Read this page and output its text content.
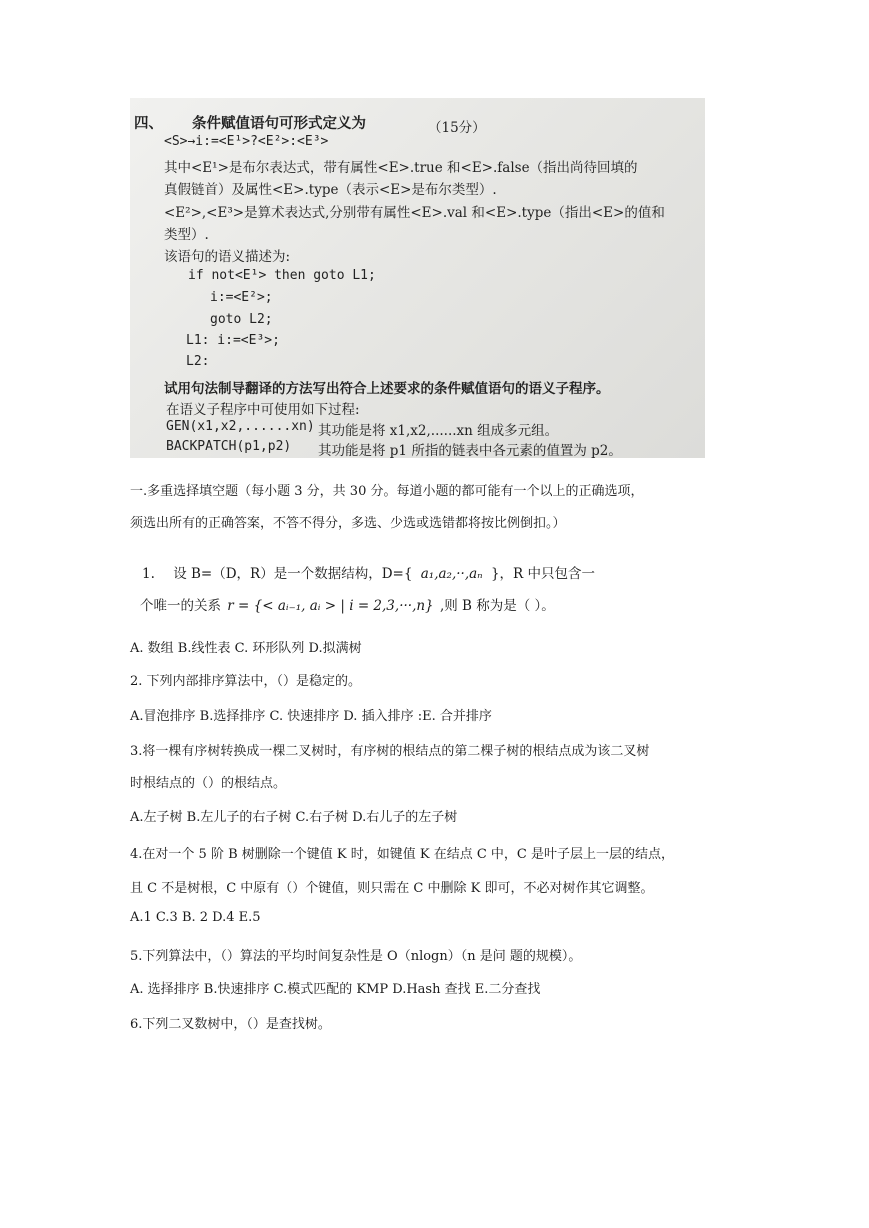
四、 条件赋值语句可形式定义为	（15分）
<S>→i:=<E¹>?<E²>:<E³>
其中<E¹>是布尔表达式，带有属性<E>.true 和<E>.false（指出尚待回填的
真假链首）及属性<E>.type（表示<E>是布尔类型）.
<E²>,<E³>是算术表达式,分别带有属性<E>.val 和<E>.type（指出<E>的值和
类型）.
该语句的语义描述为:
if not<E¹> then goto L1;
i:=<E²>;
goto L2;
L1: i:=<E³>;
L2:
试用句法制导翻译的方法写出符合上述要求的条件赋值语句的语义子程序。
在语义子程序中可使用如下过程:
GEN(x1,x2,......xn) 其功能是将 x1,x2,......xn 组成多元组。
BACKPATCH(p1,p2) 其功能是将 p1 所指的链表中各元素的值置为 p2。
一.多重选择填空题（每小题 3 分，共 30 分。每道小题的都可能有一个以上的正确选项，
须选出所有的正确答案，不答不得分，多选、少选或选错都将按比例倒扣。）
1. 设 B=（D，R）是一个数据结构，D={ a₁,a₂,··,aₙ }，R 中只包含一
个唯一的关系 r = {< aᵢ₋₁, aᵢ > | i = 2,3,···,n} ,则 B 称为是（ ）。
A. 数组 B.线性表 C. 环形队列 D.拟满树
2. 下列内部排序算法中，（）是稳定的。
A.冒泡排序 B.选择排序 C. 快速排序 D. 插入排序 :E. 合并排序
3.将一棵有序树转换成一棵二叉树时，有序树的根结点的第二棵子树的根结点成为该二叉树
时根结点的（）的根结点。
A.左子树 B.左儿子的右子树 C.右子树 D.右儿子的左子树
4.在对一个 5 阶 B 树删除一个键值 K 时，如键值 K 在结点 C 中，C 是叶子层上一层的结点，
且 C 不是树根，C 中原有（）个键值，则只需在 C 中删除 K 即可，不必对树作其它调整。
A.1 C.3 B. 2 D.4 E.5
5.下列算法中，（）算法的平均时间复杂性是 O（nlogn）（n 是问 题的规模）。
A. 选择排序 B.快速排序 C.模式匹配的 KMP D.Hash 查找 E.二分查找
6.下列二叉数树中，（）是查找树。
